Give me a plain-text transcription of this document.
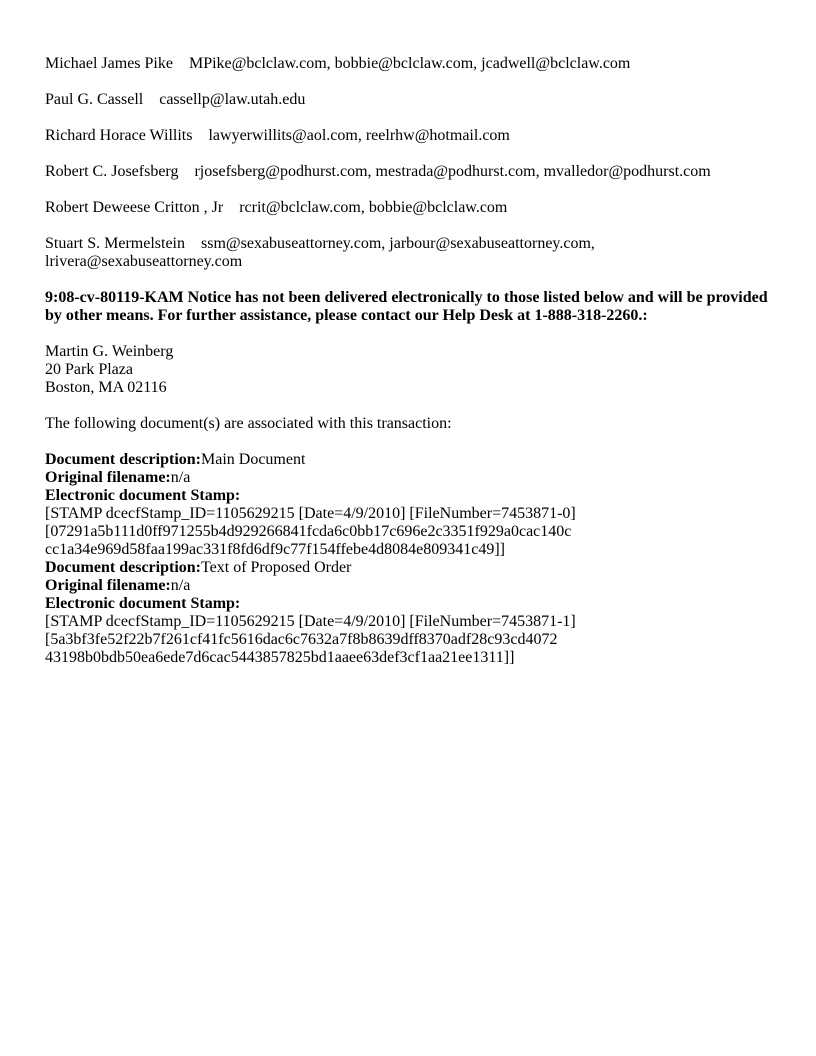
Michael James Pike MPike@bclclaw.com, bobbie@bclclaw.com, jcadwell@bclclaw.com
Paul G. Cassell cassellp@law.utah.edu
Richard Horace Willits lawyerwillits@aol.com, reelrhw@hotmail.com
Robert C. Josefsberg rjosefsberg@podhurst.com, mestrada@podhurst.com, mvalledor@podhurst.com
Robert Deweese Critton , Jr rcrit@bclclaw.com, bobbie@bclclaw.com
Stuart S. Mermelstein ssm@sexabuseattorney.com, jarbour@sexabuseattorney.com, lrivera@sexabuseattorney.com
9:08-cv-80119-KAM Notice has not been delivered electronically to those listed below and will be provided by other means. For further assistance, please contact our Help Desk at 1-888-318-2260.:
Martin G. Weinberg
20 Park Plaza
Boston, MA 02116
The following document(s) are associated with this transaction:
Document description:Main Document
Original filename:n/a
Electronic document Stamp:
[STAMP dcecfStamp_ID=1105629215 [Date=4/9/2010] [FileNumber=7453871-0]
[07291a5b111d0ff971255b4d929266841fcda6c0bb17c696e2c3351f929a0cac140c
cc1a34e969d58faa199ac331f8fd6df9c77f154ffebe4d8084e809341c49]]
Document description:Text of Proposed Order
Original filename:n/a
Electronic document Stamp:
[STAMP dcecfStamp_ID=1105629215 [Date=4/9/2010] [FileNumber=7453871-1]
[5a3bf3fe52f22b7f261cf41fc5616dac6c7632a7f8b8639dff8370adf28c93cd4072
43198b0bdb50ea6ede7d6cac5443857825bd1aaee63def3cf1aa21ee1311]]
